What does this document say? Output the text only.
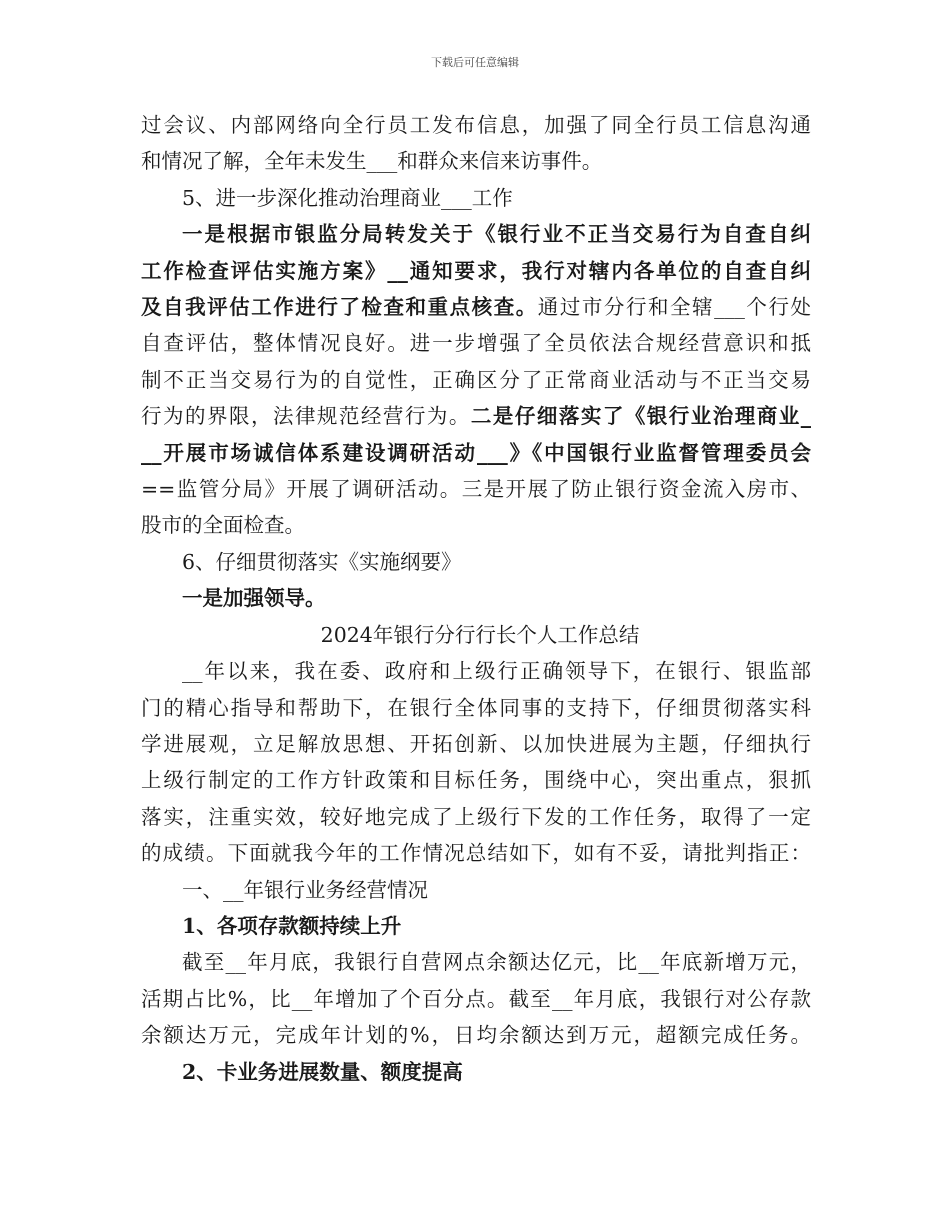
下载后可任意编辑

过会议、内部网络向全行员工发布信息，加强了同全行员工信息沟通

和情况了解，全年未发生___和群众来信来访事件。

5、进一步深化推动治理商业___工作

一是根据市银监分局转发关于《银行业不正当交易行为自查自纠

工作检查评估实施方案》__通知要求，我行对辖内各单位的自查自纠

及自我评估工作进行了检查和重点核查。通过市分行和全辖___个行处

自查评估，整体情况良好。进一步增强了全员依法合规经营意识和抵

制不正当交易行为的自觉性，正确区分了正常商业活动与不正当交易

行为的界限，法律规范经营行为。二是仔细落实了《银行业治理商业_

__开展市场诚信体系建设调研活动___》《中国银行业监督管理委员会

==监管分局》开展了调研活动。三是开展了防止银行资金流入房市、

股市的全面检查。

6、仔细贯彻落实《实施纲要》

一是加强领导。

2024年银行分行行长个人工作总结

__年以来，我在委、政府和上级行正确领导下，在银行、银监部

门的精心指导和帮助下，在银行全体同事的支持下，仔细贯彻落实科

学进展观，立足解放思想、开拓创新、以加快进展为主题，仔细执行

上级行制定的工作方针政策和目标任务，围绕中心，突出重点，狠抓

落实，注重实效，较好地完成了上级行下发的工作任务，取得了一定

的成绩。下面就我今年的工作情况总结如下，如有不妥，请批判指正：

一、__年银行业务经营情况

1、各项存款额持续上升

截至__年月底，我银行自营网点余额达亿元，比__年底新增万元，

活期占比%，比__年增加了个百分点。截至__年月底，我银行对公存款

余额达万元，完成年计划的%，日均余额达到万元，超额完成任务。

2、卡业务进展数量、额度提高
